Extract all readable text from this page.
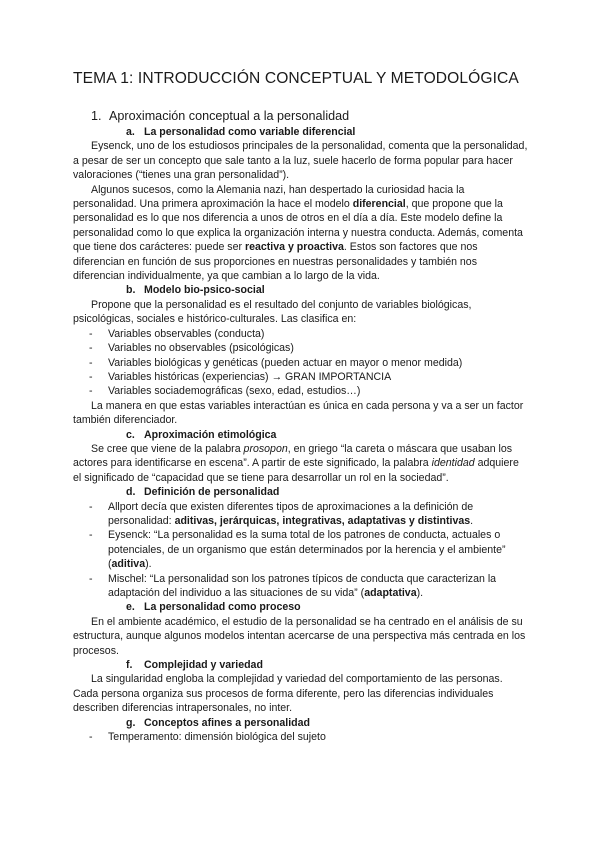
TEMA 1: INTRODUCCIÓN CONCEPTUAL Y METODOLÓGICA
1. Aproximación conceptual a la personalidad
a. La personalidad como variable diferencial

Eysenck, uno de los estudiosos principales de la personalidad, comenta que la personalidad, a pesar de ser un concepto que sale tanto a la luz, suele hacerlo de forma popular para hacer valoraciones (“tienes una gran personalidad”).

Algunos sucesos, como la Alemania nazi, han despertado la curiosidad hacia la personalidad. Una primera aproximación la hace el modelo diferencial, que propone que la personalidad es lo que nos diferencia a unos de otros en el día a día. Este modelo define la personalidad como lo que explica la organización interna y nuestra conducta. Además, comenta que tiene dos carácteres: puede ser reactiva y proactiva. Estos son factores que nos diferencian en función de sus proporciones en nuestras personalidades y también nos diferencian individualmente, ya que cambian a lo largo de la vida.

b. Modelo bio-psico-social

Propone que la personalidad es el resultado del conjunto de variables biológicas, psicológicas, sociales e histórico-culturales. Las clasifica en:

- Variables observables (conducta)
- Variables no observables (psicológicas)
- Variables biológicas y genéticas (pueden actuar en mayor o menor medida)
- Variables históricas (experiencias) → GRAN IMPORTANCIA
- Variables sociademográficas (sexo, edad, estudios…)

La manera en que estas variables interactúan es única en cada persona y va a ser un factor también diferenciador.

c. Aproximación etimológica

Se cree que viene de la palabra prosopon, en griego “la careta o máscara que usaban los actores para identificarse en escena”. A partir de este significado, la palabra identidad adquiere el significado de “capacidad que se tiene para desarrollar un rol en la sociedad”.

d. Definición de personalidad
- Allport decía que existen diferentes tipos de aproximaciones a la definición de personalidad: aditivas, jerárquicas, integrativas, adaptativas y distintivas.
- Eysenck: “La personalidad es la suma total de los patrones de conducta, actuales o potenciales, de un organismo que están determinados por la herencia y el ambiente” (aditiva).
- Mischel: “La personalidad son los patrones típicos de conducta que caracterizan la adaptación del individuo a las situaciones de su vida” (adaptativa).
e. La personalidad como proceso

En el ambiente académico, el estudio de la personalidad se ha centrado en el análisis de su estructura, aunque algunos modelos intentan acercarse de una perspectiva más centrada en los procesos.

f. Complejidad y variedad

La singularidad engloba la complejidad y variedad del comportamiento de las personas. Cada persona organiza sus procesos de forma diferente, pero las diferencias individuales describen diferencias intrapersonales, no inter.

g. Conceptos afines a personalidad
- Temperamento: dimensión biológica del sujeto
